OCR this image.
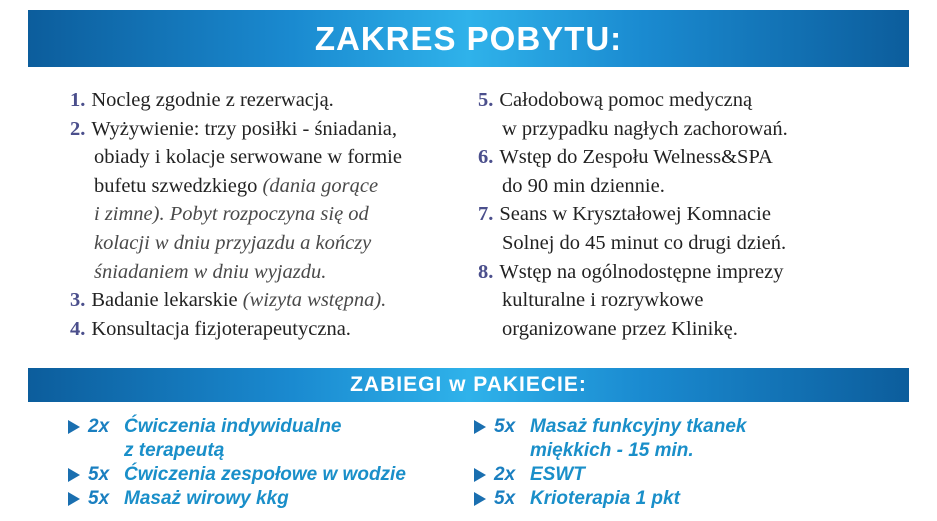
ZAKRES POBYTU:
1. Nocleg zgodnie z rezerwacją.
2. Wyżywienie: trzy posiłki - śniadania,
obiady i kolacje serwowane w formie
bufetu szwedzkiego (dania gorące
i zimne). Pobyt rozpoczyna się od
kolacji w dniu przyjazdu a kończy
śniadaniem w dniu wyjazdu.
3. Badanie lekarskie (wizyta wstępna).
4. Konsultacja fizjoterapeutyczna.
5. Całodobową pomoc medyczną
w przypadku nagłych zachorowań.
6. Wstęp do Zespołu Welness&SPA
do 90 min dziennie.
7. Seans w Kryształowej Komnacie
Solnej do 45 minut co drugi dzień.
8. Wstęp na ogólnodostępne imprezy
kulturalne i rozrywkowe
organizowane przez Klinikę.
ZABIEGI w PAKIECIE:
2x Ćwiczenia indywidualne
z terapeutą
5x Ćwiczenia zespołowe w wodzie
5x Masaż wirowy kkg
5x Masaż funkcyjny tkanek
miękkich - 15 min.
2x ESWT
5x Krioterapia 1 pkt
